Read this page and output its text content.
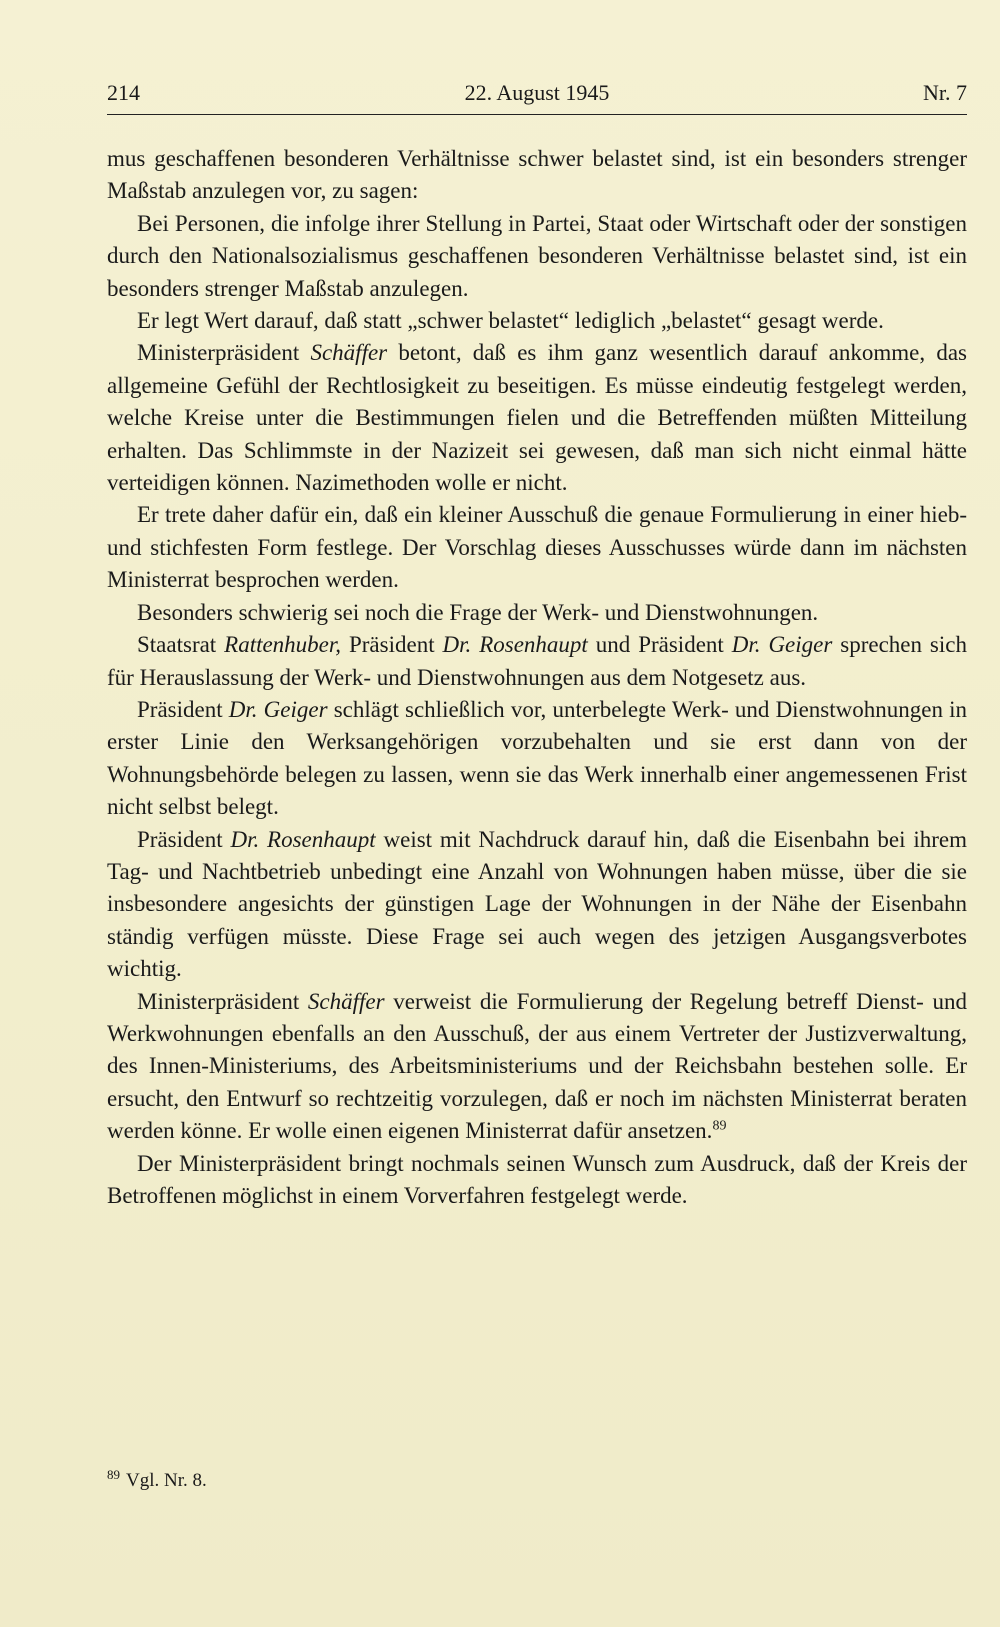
214	22. August 1945	Nr. 7

mus geschaffenen besonderen Verhältnisse schwer belastet sind, ist ein besonders strenger Maßstab anzulegen vor, zu sagen:

Bei Personen, die infolge ihrer Stellung in Partei, Staat oder Wirtschaft oder der sonstigen durch den Nationalsozialismus geschaffenen besonderen Verhältnisse belastet sind, ist ein besonders strenger Maßstab anzulegen.

Er legt Wert darauf, daß statt „schwer belastet“ lediglich „belastet“ gesagt werde.

Ministerpräsident Schäffer betont, daß es ihm ganz wesentlich darauf ankomme, das allgemeine Gefühl der Rechtlosigkeit zu beseitigen. Es müsse eindeutig festgelegt werden, welche Kreise unter die Bestimmungen fielen und die Betreffenden müßten Mitteilung erhalten. Das Schlimmste in der Nazizeit sei gewesen, daß man sich nicht einmal hätte verteidigen können. Nazimethoden wolle er nicht.

Er trete daher dafür ein, daß ein kleiner Ausschuß die genaue Formulierung in einer hieb- und stichfesten Form festlege. Der Vorschlag dieses Ausschusses würde dann im nächsten Ministerrat besprochen werden.

Besonders schwierig sei noch die Frage der Werk- und Dienstwohnungen.

Staatsrat Rattenhuber, Präsident Dr. Rosenhaupt und Präsident Dr. Geiger sprechen sich für Herauslassung der Werk- und Dienstwohnungen aus dem Notgesetz aus.

Präsident Dr. Geiger schlägt schließlich vor, unterbelegte Werk- und Dienstwohnungen in erster Linie den Werksangehörigen vorzubehalten und sie erst dann von der Wohnungsbehörde belegen zu lassen, wenn sie das Werk innerhalb einer angemessenen Frist nicht selbst belegt.

Präsident Dr. Rosenhaupt weist mit Nachdruck darauf hin, daß die Eisenbahn bei ihrem Tag- und Nachtbetrieb unbedingt eine Anzahl von Wohnungen haben müsse, über die sie insbesondere angesichts der günstigen Lage der Wohnungen in der Nähe der Eisenbahn ständig verfügen müsste. Diese Frage sei auch wegen des jetzigen Ausgangsverbotes wichtig.

Ministerpräsident Schäffer verweist die Formulierung der Regelung betreff Dienst- und Werkwohnungen ebenfalls an den Ausschuß, der aus einem Vertreter der Justizverwaltung, des Innen-Ministeriums, des Arbeitsministeriums und der Reichsbahn bestehen solle. Er ersucht, den Entwurf so rechtzeitig vorzulegen, daß er noch im nächsten Ministerrat beraten werden könne. Er wolle einen eigenen Ministerrat dafür ansetzen.$^{89}$

Der Ministerpräsident bringt nochmals seinen Wunsch zum Ausdruck, daß der Kreis der Betroffenen möglichst in einem Vorverfahren festgelegt werde.

$^{89}$ Vgl. Nr. 8.
